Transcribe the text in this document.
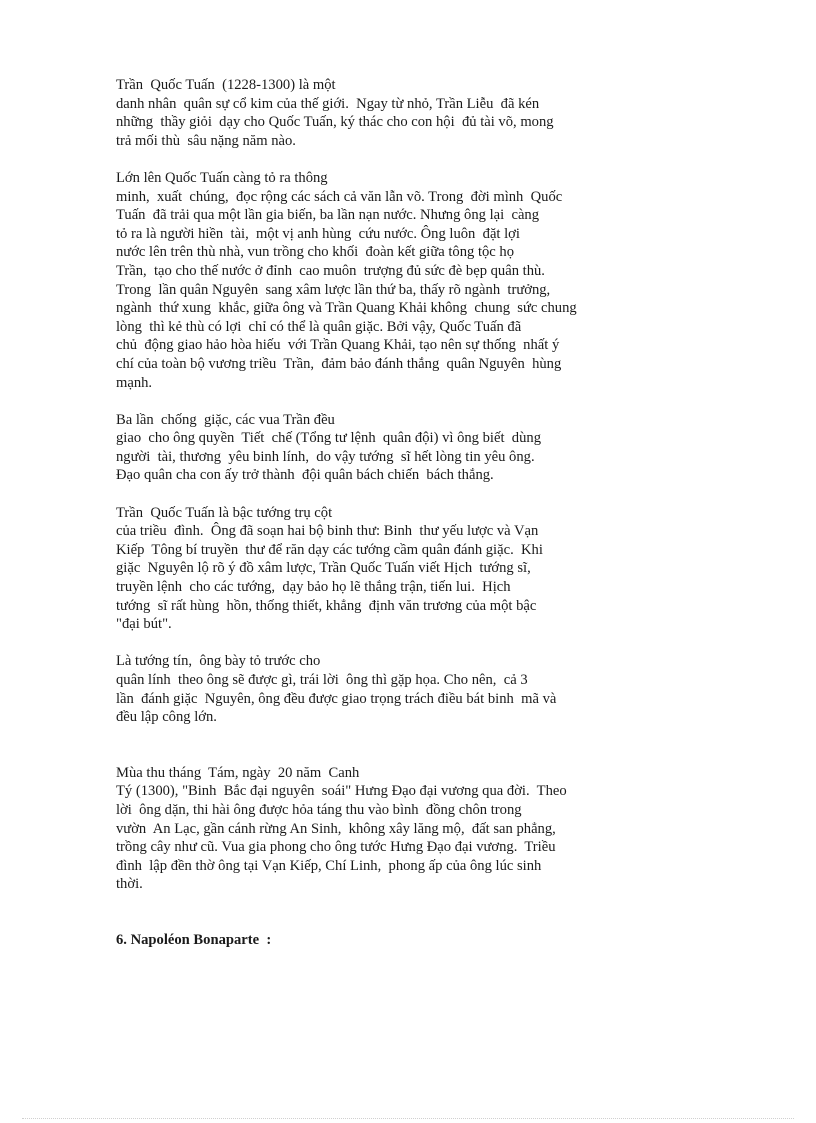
Trần  Quốc Tuấn  (1228-1300) là một
danh nhân  quân sự cổ kim của thế giới.  Ngay từ nhỏ, Trần Liễu  đã kén
những  thầy giỏi  dạy cho Quốc Tuấn, ký thác cho con hội  đủ tài võ, mong
trả mối thù  sâu nặng năm nào.
Lớn lên Quốc Tuấn càng tỏ ra thông
minh,  xuất  chúng,  đọc rộng các sách cả văn lẫn võ. Trong  đời mình  Quốc
Tuấn  đã trải qua một lần gia biến, ba lần nạn nước. Nhưng ông lại  càng
tỏ ra là người hiền  tài,  một vị anh hùng  cứu nước. Ông luôn  đặt lợi
nước lên trên thù nhà, vun trồng cho khối  đoàn kết giữa tông tộc họ
Trần,  tạo cho thế nước ở đỉnh  cao muôn  trượng đủ sức đè bẹp quân thù.
Trong  lần quân Nguyên  sang xâm lược lần thứ ba, thấy rõ ngành  trưởng,
ngành  thứ xung  khắc, giữa ông và Trần Quang Khải không  chung  sức chung
lòng  thì kẻ thù có lợi  chỉ có thể là quân giặc. Bởi vậy, Quốc Tuấn đã
chủ  động giao hảo hòa hiếu  với Trần Quang Khải, tạo nên sự thống  nhất ý
chí của toàn bộ vương triều  Trần,  đảm bảo đánh thắng  quân Nguyên  hùng
mạnh.
Ba lần  chống  giặc, các vua Trần đều
giao  cho ông quyền  Tiết  chế (Tổng tư lệnh  quân đội) vì ông biết  dùng
người  tài, thương  yêu binh lính,  do vậy tướng  sĩ hết lòng tin yêu ông.
Đạo quân cha con ấy trở thành  đội quân bách chiến  bách thắng.
Trần  Quốc Tuấn là bậc tướng trụ cột
của triều  đình.  Ông đã soạn hai bộ binh thư: Binh  thư yếu lược và Vạn
Kiếp  Tông bí truyền  thư để răn dạy các tướng cầm quân đánh giặc.  Khi
giặc  Nguyên lộ rõ ý đồ xâm lược, Trần Quốc Tuấn viết Hịch  tướng sĩ,
truyền lệnh  cho các tướng,  dạy bảo họ lẽ thắng trận, tiến lui.  Hịch
tướng  sĩ rất hùng  hồn, thống thiết, khẳng  định văn trương của một bậc
"đại bút".
Là tướng tín,  ông bày tỏ trước cho
quân lính  theo ông sẽ được gì, trái lời  ông thì gặp họa. Cho nên,  cả 3
lần  đánh giặc  Nguyên, ông đều được giao trọng trách điều bát binh  mã và
đều lập công lớn.
Mùa thu tháng  Tám, ngày  20 năm  Canh
Tý (1300), "Binh  Bắc đại nguyên  soái" Hưng Đạo đại vương qua đời.  Theo
lời  ông dặn, thi hài ông được hỏa táng thu vào bình  đồng chôn trong
vườn  An Lạc, gần cánh rừng An Sinh,  không xây lăng mộ,  đất san phẳng,
trồng cây như cũ. Vua gia phong cho ông tước Hưng Đạo đại vương.  Triều
đình  lập đền thờ ông tại Vạn Kiếp, Chí Linh,  phong ấp của ông lúc sinh
thời.
6. Napoléon Bonaparte  :
